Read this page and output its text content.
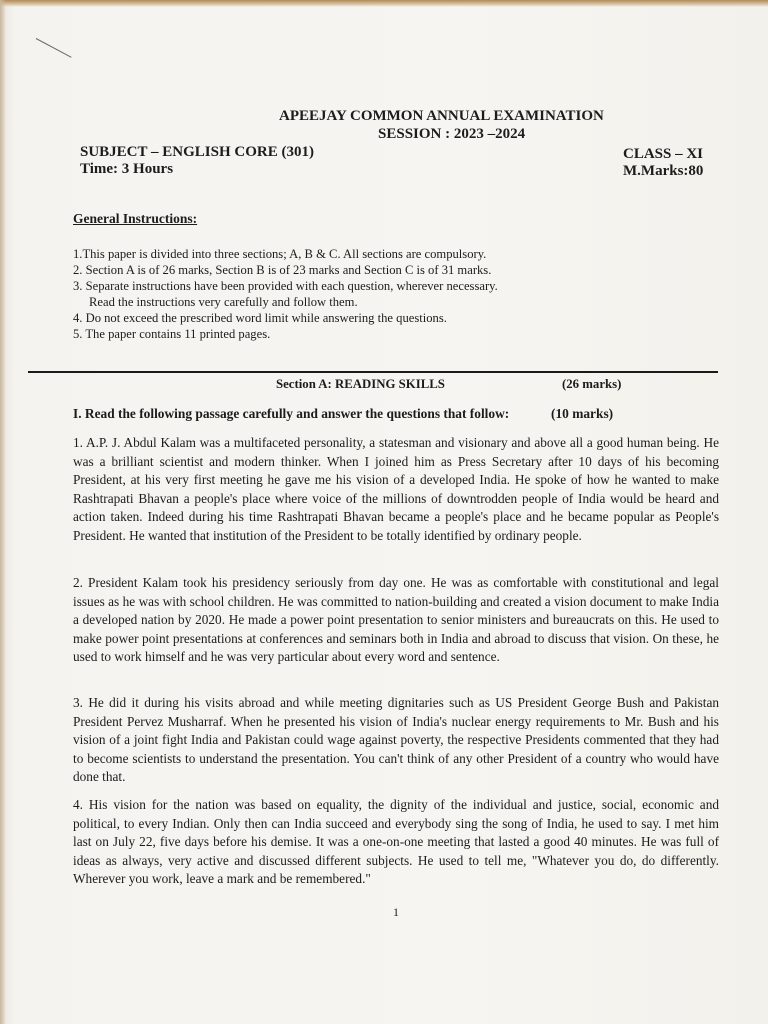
APEEJAY COMMON ANNUAL EXAMINATION
SESSION : 2023 –2024
SUBJECT – ENGLISH CORE (301)
Time: 3 Hours
CLASS – XI
M.Marks:80
General Instructions:
1.This paper is divided into three sections; A, B & C. All sections are compulsory.
2. Section A is of 26 marks, Section B is of 23 marks and Section C is of 31 marks.
3. Separate instructions have been provided with each question, wherever necessary.
Read the instructions very carefully and follow them.
4. Do not exceed the prescribed word limit while answering the questions.
5. The paper contains 11 printed pages.
Section A: READING SKILLS	(26 marks)
I. Read the following passage carefully and answer the questions that follow:	(10 marks)
1. A.P. J. Abdul Kalam was a multifaceted personality, a statesman and visionary and above all a good human being. He was a brilliant scientist and modern thinker. When I joined him as Press Secretary after 10 days of his becoming President, at his very first meeting he gave me his vision of a developed India. He spoke of how he wanted to make Rashtrapati Bhavan a people's place where voice of the millions of downtrodden people of India would be heard and action taken. Indeed during his time Rashtrapati Bhavan became a people's place and he became popular as People's President. He wanted that institution of the President to be totally identified by ordinary people.
2. President Kalam took his presidency seriously from day one. He was as comfortable with constitutional and legal issues as he was with school children. He was committed to nation-building and created a vision document to make India a developed nation by 2020. He made a power point presentation to senior ministers and bureaucrats on this. He used to make power point presentations at conferences and seminars both in India and abroad to discuss that vision. On these, he used to work himself and he was very particular about every word and sentence.
3. He did it during his visits abroad and while meeting dignitaries such as US President George Bush and Pakistan President Pervez Musharraf. When he presented his vision of India's nuclear energy requirements to Mr. Bush and his vision of a joint fight India and Pakistan could wage against poverty, the respective Presidents commented that they had to become scientists to understand the presentation. You can't think of any other President of a country who would have done that.
4. His vision for the nation was based on equality, the dignity of the individual and justice, social, economic and political, to every Indian. Only then can India succeed and everybody sing the song of India, he used to say. I met him last on July 22, five days before his demise. It was a one-on-one meeting that lasted a good 40 minutes. He was full of ideas as always, very active and discussed different subjects. He used to tell me, "Whatever you do, do differently. Wherever you work, leave a mark and be remembered."
1
